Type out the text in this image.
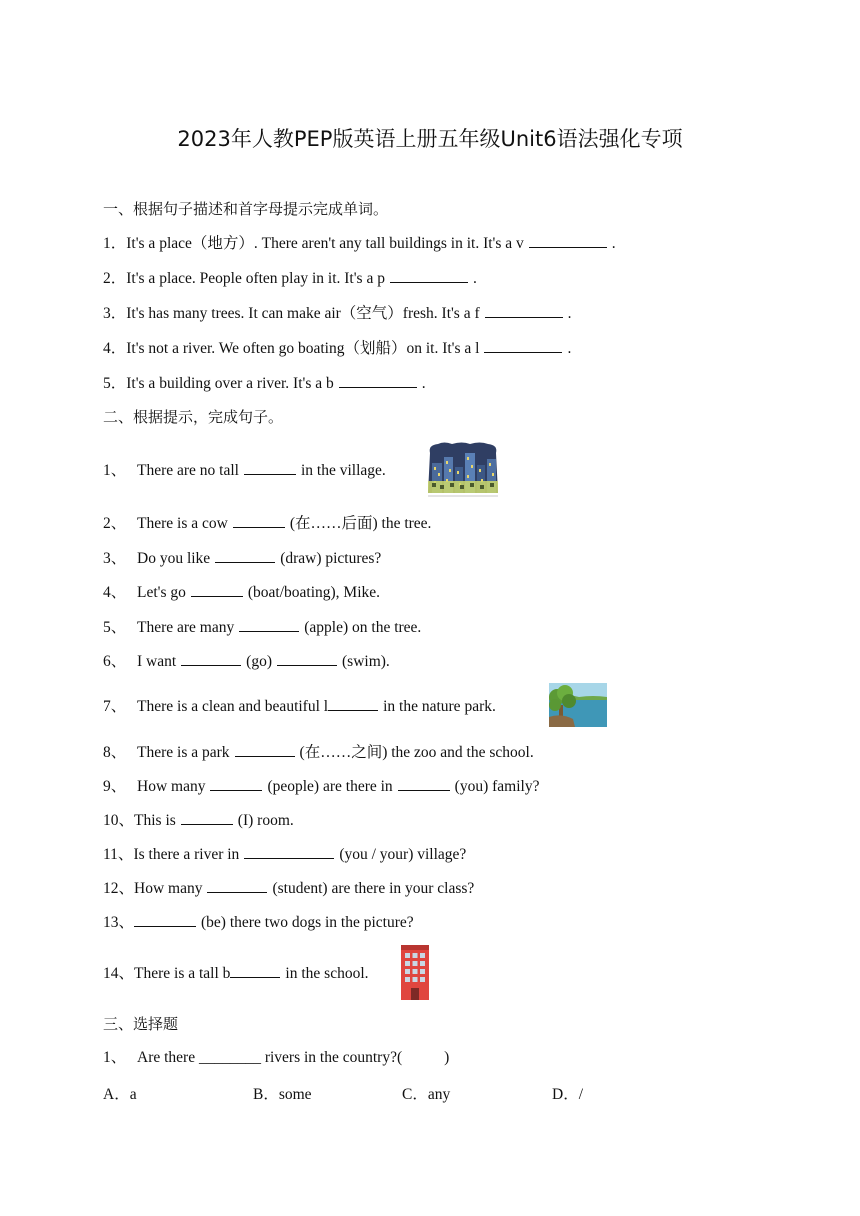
2023年人教PEP版英语上册五年级Unit6语法强化专项
一、根据句子描述和首字母提示完成单词。
1．It's a place（地方）. There aren't any tall buildings in it. It's a v	.
2．It's a place. People often play in it. It's a p	.
3．It's has many trees. It can make air（空气）fresh. It's a f	.
4．It's not a river. We often go boating（划船）on it. It's a l	.
5．It's a building over a river. It's a b	.
二、根据提示，完成句子。
1、 There are no tall	in the village.
2、 There is a cow	(在……后面) the tree.
3、 Do you like	(draw) pictures?
4、 Let's go	(boat/boating), Mike.
5、 There are many	(apple) on the tree.
6、 I want	(go)	(swim).
7、 There is a clean and beautiful l	in the nature park.
8、 There is a park	(在……之间) the zoo and the school.
9、 How many	(people) are there in	(you) family?
10、This is	(I) room.
11、Is there a river in	(you / your) village?
12、How many	(student) are there in your class?
13、	(be) there two dogs in the picture?
14、There is a tall b	in the school.
三、选择题
1、 Are there ________ rivers in the country?(	)
A．a	B．some	C．any	D．/
